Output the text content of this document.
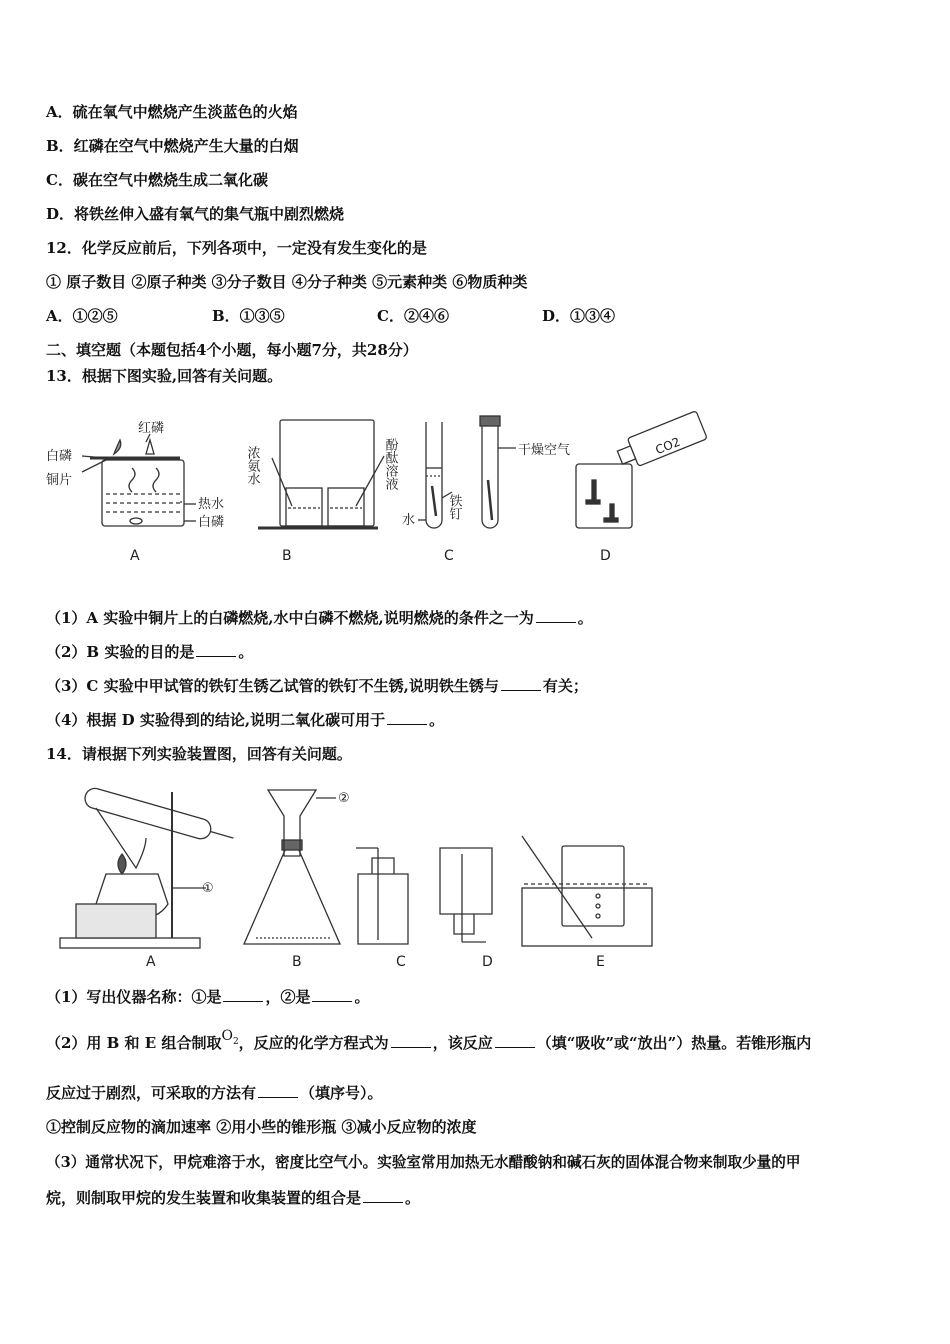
A．硫在氧气中燃烧产生淡蓝色的火焰
B．红磷在空气中燃烧产生大量的白烟
C．碳在空气中燃烧生成二氧化碳
D．将铁丝伸入盛有氧气的集气瓶中剧烈燃烧
12．化学反应前后，下列各项中，一定没有发生变化的是
① 原子数目 ②原子种类 ③分子数目 ④分子种类 ⑤元素种类 ⑥物质种类
A．①②⑤	B．①③⑤	C．②④⑥	D．①③④
二、填空题（本题包括4个小题，每小题7分，共28分）
13．根据下图实验,回答有关问题。
红磷
白磷
铜片
热水
白磷
浓氨水	酚酞溶液	干燥空气
铁钉
水
CO2
A	B	C	D
（1）A 实验中铜片上的白磷燃烧,水中白磷不燃烧,说明燃烧的条件之一为	。
（2）B 实验的目的是	。
（3）C 实验中甲试管的铁钉生锈乙试管的铁钉不生锈,说明铁生锈与	有关；
（4）根据 D 实验得到的结论,说明二氧化碳可用于	。
14．请根据下列实验装置图，回答有关问题。
①
②
A	B	C	D	E
（1）写出仪器名称：①是	，②是	。
（2）用 B 和 E 组合制取$O_2$，反应的化学方程式为	，该反应	（填“吸收”或“放出”）热量。若锥形瓶内
反应过于剧烈，可采取的方法有	（填序号）。
①控制反应物的滴加速率 ②用小些的锥形瓶 ③减小反应物的浓度
（3）通常状况下，甲烷难溶于水，密度比空气小。实验室常用加热无水醋酸钠和碱石灰的固体混合物来制取少量的甲
烷，则制取甲烷的发生装置和收集装置的组合是	。
